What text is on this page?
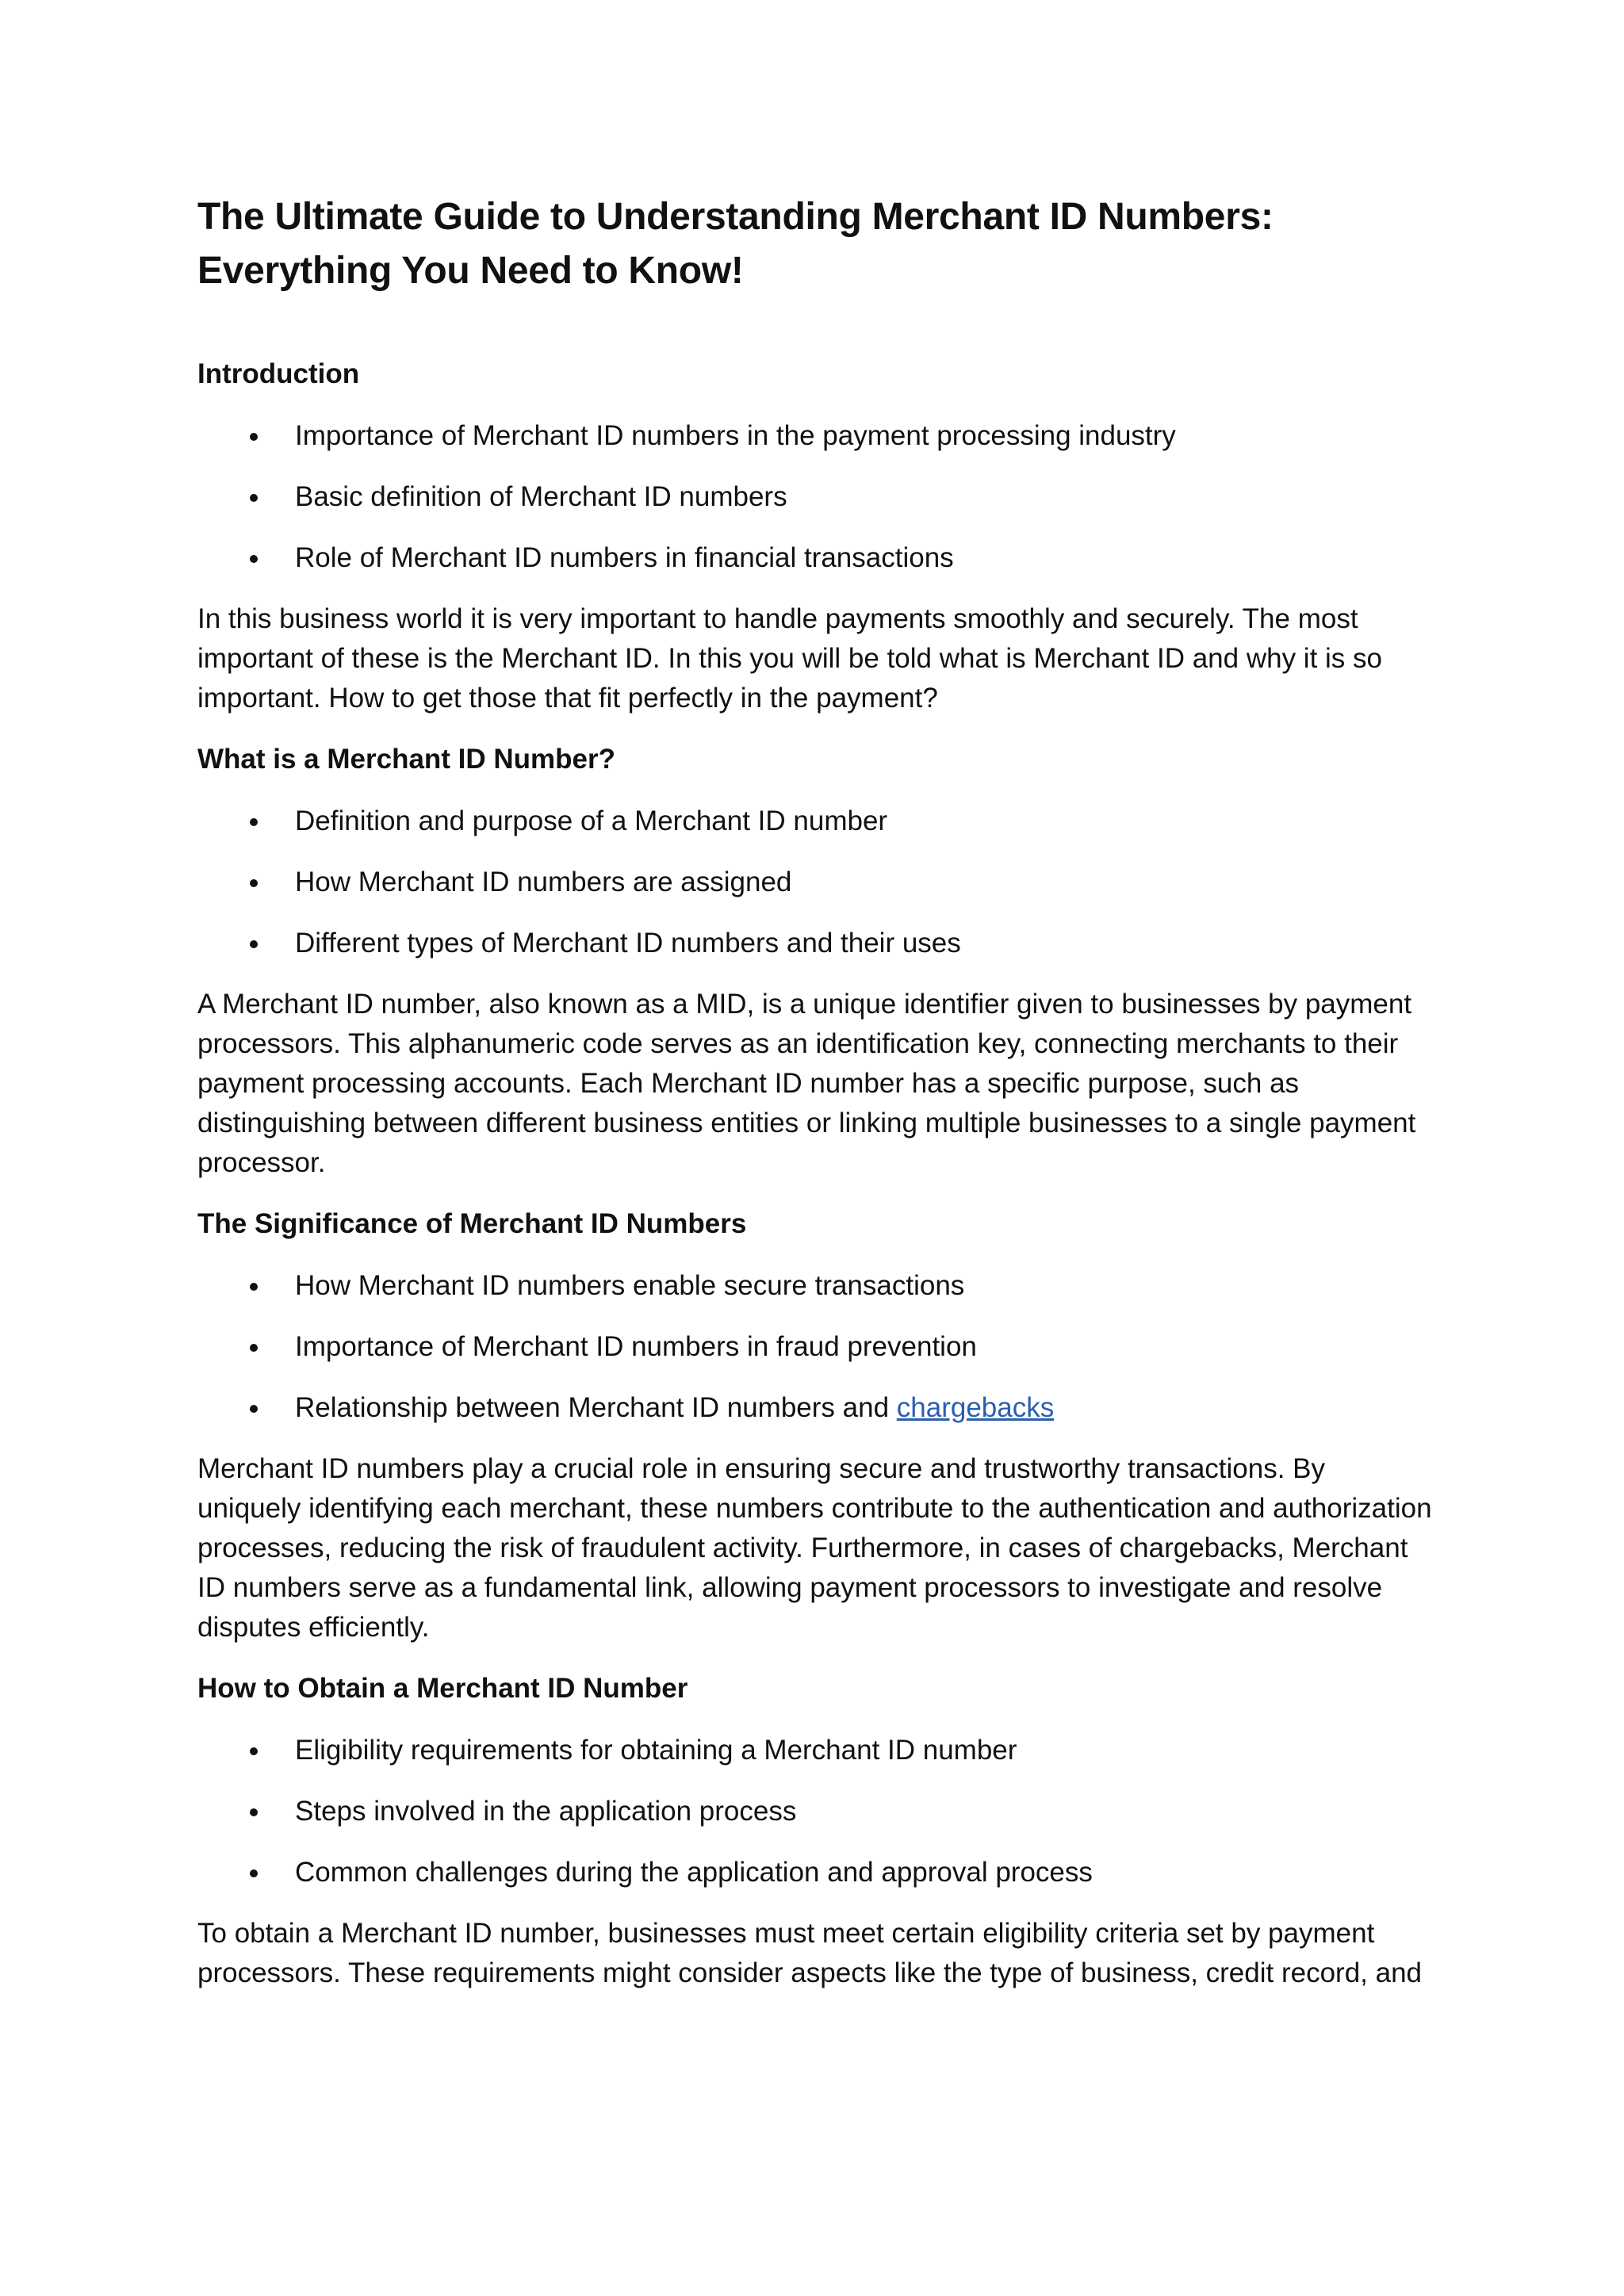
The Ultimate Guide to Understanding Merchant ID Numbers: Everything You Need to Know!
Introduction
Importance of Merchant ID numbers in the payment processing industry
Basic definition of Merchant ID numbers
Role of Merchant ID numbers in financial transactions

In this business world it is very important to handle payments smoothly and securely. The most important of these is the Merchant ID. In this you will be told what is Merchant ID and why it is so important. How to get those that fit perfectly in the payment?

What is a Merchant ID Number?
Definition and purpose of a Merchant ID number
How Merchant ID numbers are assigned
Different types of Merchant ID numbers and their uses

A Merchant ID number, also known as a MID, is a unique identifier given to businesses by payment processors. This alphanumeric code serves as an identification key, connecting merchants to their payment processing accounts. Each Merchant ID number has a specific purpose, such as distinguishing between different business entities or linking multiple businesses to a single payment processor.

The Significance of Merchant ID Numbers
How Merchant ID numbers enable secure transactions
Importance of Merchant ID numbers in fraud prevention
Relationship between Merchant ID numbers and chargebacks

Merchant ID numbers play a crucial role in ensuring secure and trustworthy transactions. By uniquely identifying each merchant, these numbers contribute to the authentication and authorization processes, reducing the risk of fraudulent activity. Furthermore, in cases of chargebacks, Merchant ID numbers serve as a fundamental link, allowing payment processors to investigate and resolve disputes efficiently.

How to Obtain a Merchant ID Number
Eligibility requirements for obtaining a Merchant ID number
Steps involved in the application process
Common challenges during the application and approval process

To obtain a Merchant ID number, businesses must meet certain eligibility criteria set by payment processors. These requirements might consider aspects like the type of business, credit record, and
